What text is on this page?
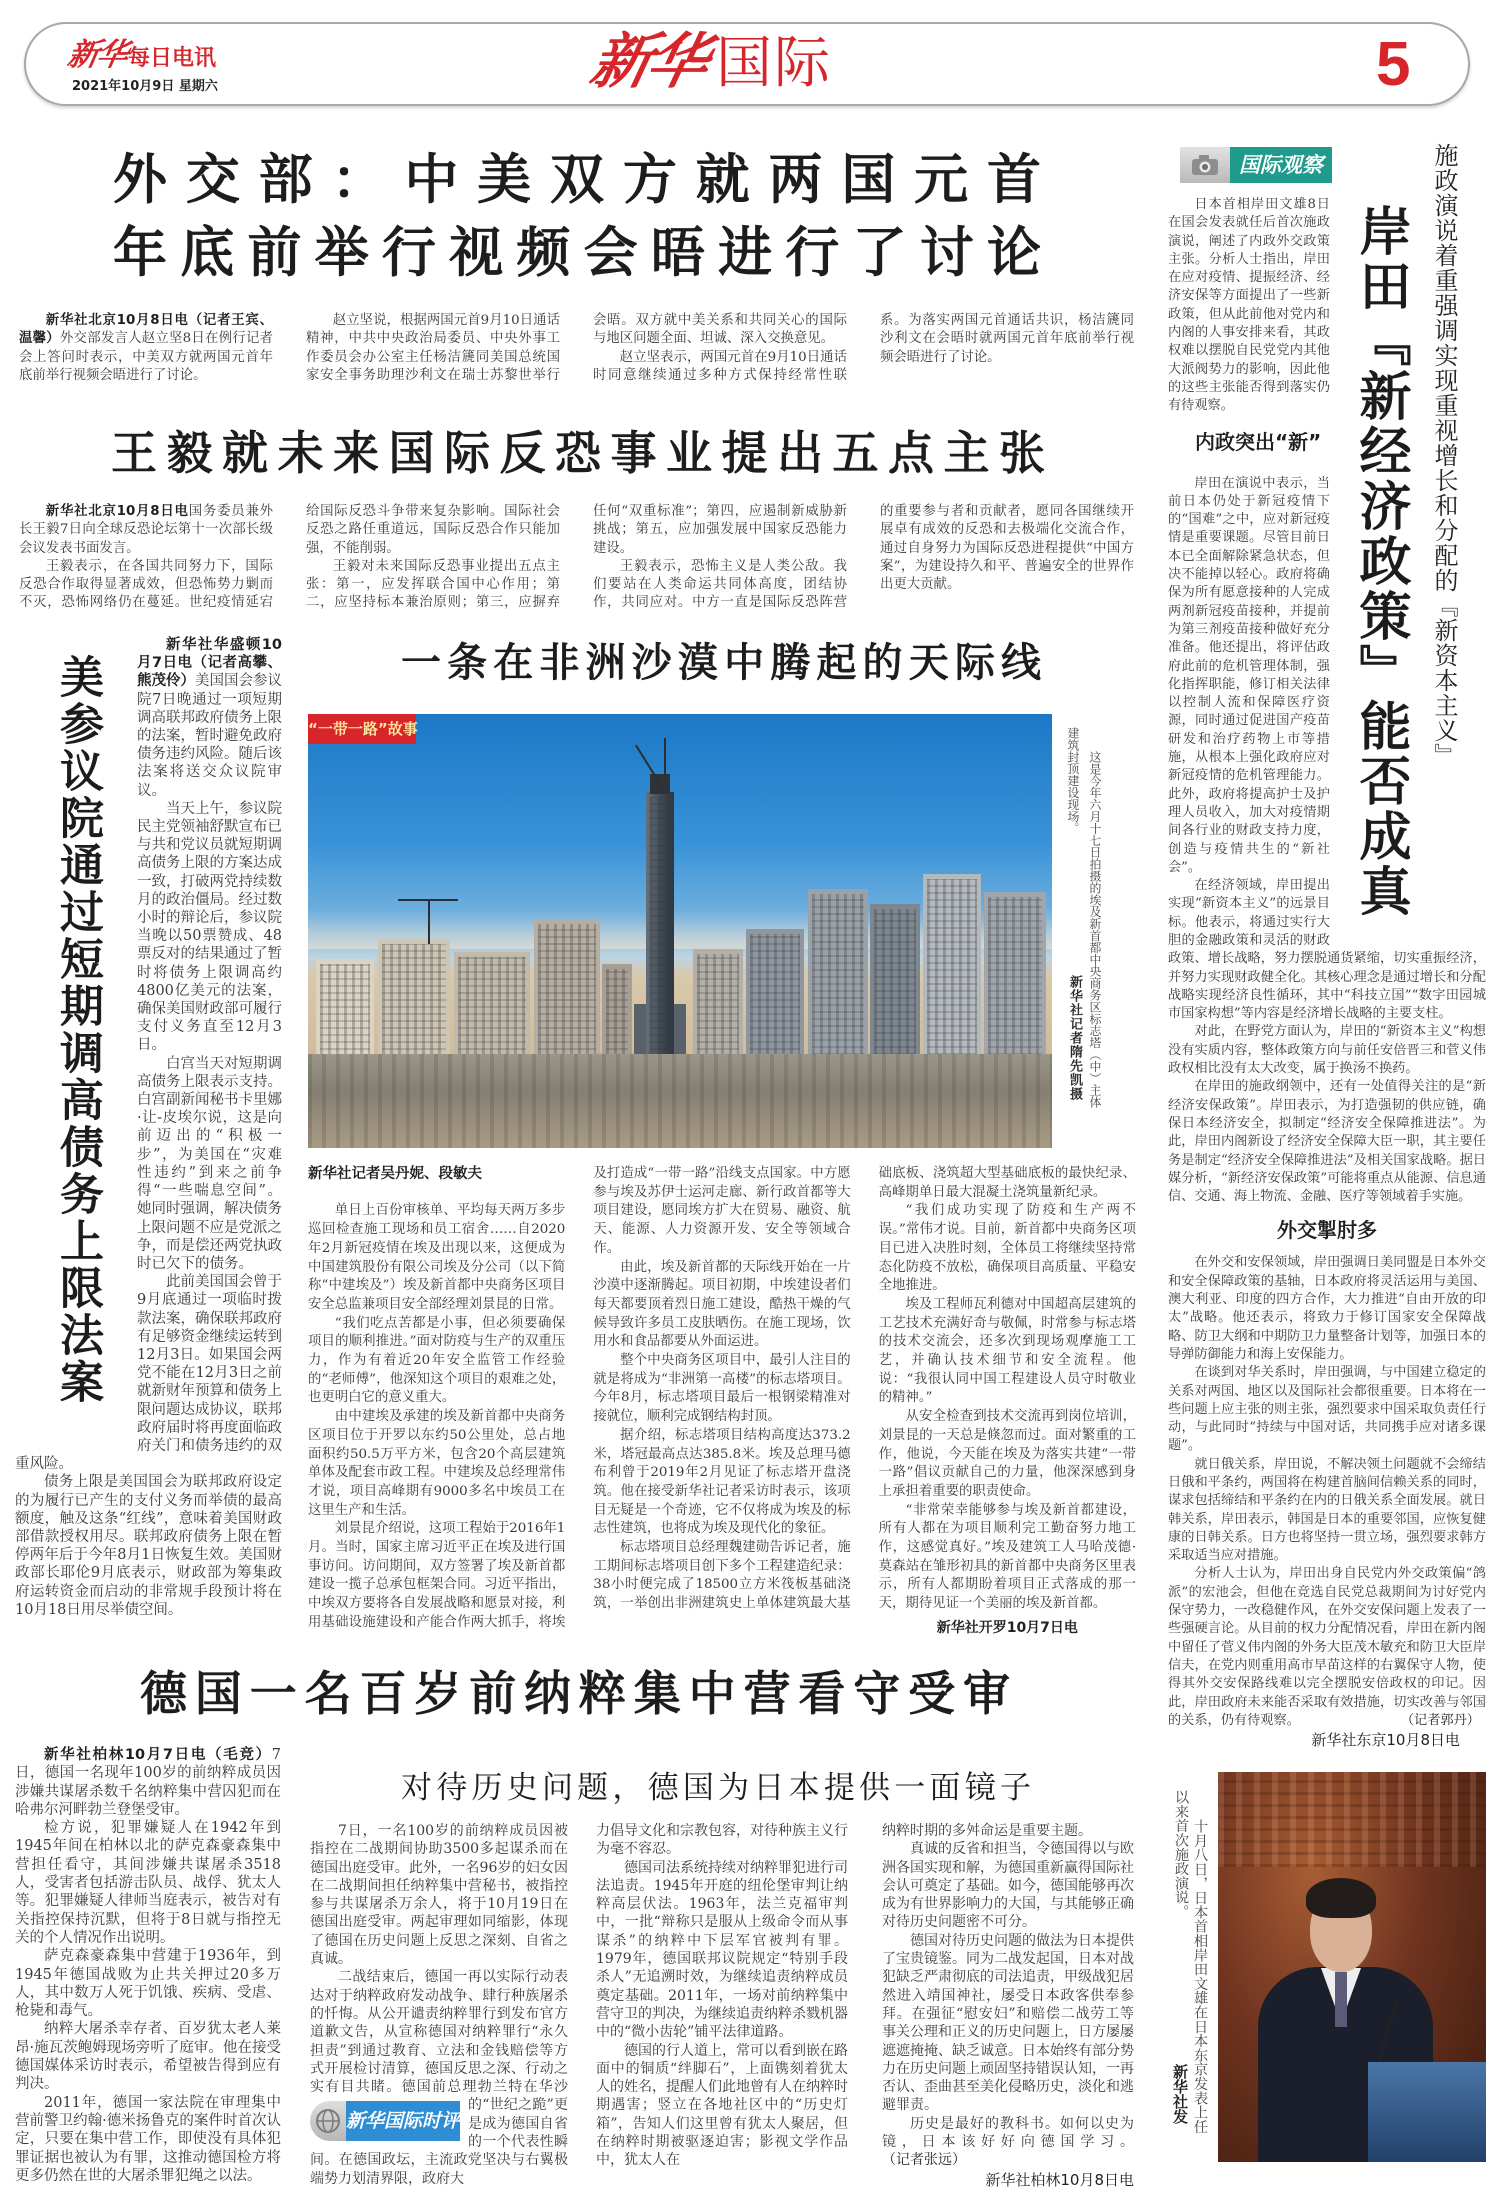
新华每日电讯
2021年10月9日 星期六	新华国际	5
外交部：中美双方就两国元首
年底前举行视频会晤进行了讨论

新华社北京10月8日电（记者王宾、温馨）外交部发言人赵立坚8日在例行记者会上答问时表示，中美双方就两国元首年底前举行视频会晤进行了讨论。

赵立坚说，根据两国元首9月10日通话精神，中共中央政治局委员、中央外事工作委员会办公室主任杨洁篪同美国总统国家安全事务助理沙利文在瑞士苏黎世举行会晤。双方就中美关系和共同关心的国际与地区问题全面、坦诚、深入交换意见。

赵立坚表示，两国元首在9月10日通话时同意继续通过多种方式保持经常性联系。为落实两国元首通话共识，杨洁篪同沙利文在会晤时就两国元首年底前举行视频会晤进行了讨论。

王毅就未来国际反恐事业提出五点主张

新华社北京10月8日电国务委员兼外长王毅7日向全球反恐论坛第十一次部长级会议发表书面发言。

王毅表示，在各国共同努力下，国际反恐合作取得显著成效，但恐怖势力剿而不灭，恐怖网络仍在蔓延。世纪疫情延宕给国际反恐斗争带来复杂影响。国际社会反恐之路任重道远，国际反恐合作只能加强，不能削弱。

王毅对未来国际反恐事业提出五点主张：第一，应发挥联合国中心作用；第二，应坚持标本兼治原则；第三，应摒弃任何“双重标准”；第四，应遏制新威胁新挑战；第五，应加强发展中国家反恐能力建设。

王毅表示，恐怖主义是人类公敌。我们要站在人类命运共同体高度，团结协作，共同应对。中方一直是国际反恐阵营的重要参与者和贡献者，愿同各国继续开展卓有成效的反恐和去极端化交流合作，通过自身努力为国际反恐进程提供“中国方案”，为建设持久和平、普遍安全的世界作出更大贡献。

美参议院通过短期调高债务上限法案

新华社华盛顿10月7日电（记者高攀、熊茂伶）美国国会参议院7日晚通过一项短期调高联邦政府债务上限的法案，暂时避免政府债务违约风险。随后该法案将送交众议院审议。

当天上午，参议院民主党领袖舒默宣布已与共和党议员就短期调高债务上限的方案达成一致，打破两党持续数月的政治僵局。经过数小时的辩论后，参议院当晚以50票赞成、48票反对的结果通过了暂时将债务上限调高约4800亿美元的法案，确保美国财政部可履行支付义务直至12月3日。

白宫当天对短期调高债务上限表示支持。白宫副新闻秘书卡里娜·让-皮埃尔说，这是向前迈出的“积极一步”，为美国在“灾难性违约”到来之前争得“一些喘息空间”。她同时强调，解决债务上限问题不应是党派之争，而是偿还两党执政时已欠下的债务。

此前美国国会曾于9月底通过一项临时拨款法案，确保联邦政府有足够资金继续运转到12月3日。如果国会两党不能在12月3日之前就新财年预算和债务上限问题达成协议，联邦政府届时将再度面临政府关门和债务违约的双重风险。

债务上限是美国国会为联邦政府设定的为履行已产生的支付义务而举债的最高额度，触及这条“红线”，意味着美国财政部借款授权用尽。联邦政府债务上限在暂停两年后于今年8月1日恢复生效。美国财政部长耶伦9月底表示，财政部为筹集政府运转资金而启动的非常规手段预计将在10月18日用尽举债空间。

一条在非洲沙漠中腾起的天际线
“一带一路”故事
这是今年六月十七日拍摄的埃及新首都中央商务区标志塔（中）主体建筑封顶建设现场。
新华社记者隋先凯摄

新华社记者吴丹妮、段敏夫

单日上百份审核单、平均每天两万多步巡回检查施工现场和员工宿舍……自2020年2月新冠疫情在埃及出现以来，这便成为中国建筑股份有限公司埃及分公司（以下简称“中建埃及”）埃及新首都中央商务区项目安全总监兼项目安全部经理刘景昆的日常。

“我们吃点苦都是小事，但必须要确保项目的顺利推进。”面对防疫与生产的双重压力，作为有着近20年安全监管工作经验的“老师傅”，他深知这个项目的艰难之处，也更明白它的意义重大。

由中建埃及承建的埃及新首都中央商务区项目位于开罗以东约50公里处，总占地面积约50.5万平方米，包含20个高层建筑单体及配套市政工程。中建埃及总经理常伟才说，项目高峰期有9000多名中埃员工在这里生产和生活。

刘景昆介绍说，这项工程始于2016年1月。当时，国家主席习近平正在埃及进行国事访问。访问期间，双方签署了埃及新首都建设一揽子总承包框架合同。习近平指出，中埃双方要将各自发展战略和愿景对接，利用基础设施建设和产能合作两大抓手，将埃及打造成“一带一路”沿线支点国家。中方愿参与埃及苏伊士运河走廊、新行政首都等大项目建设，愿同埃方扩大在贸易、融资、航天、能源、人力资源开发、安全等领域合作。

由此，埃及新首都的天际线开始在一片沙漠中逐渐腾起。项目初期，中埃建设者们每天都要顶着烈日施工建设，酷热干燥的气候导致许多员工皮肤晒伤。在施工现场，饮用水和食品都要从外面运进。

整个中央商务区项目中，最引人注目的就是将成为“非洲第一高楼”的标志塔项目。今年8月，标志塔项目最后一根钢梁精准对接就位，顺利完成钢结构封顶。

据介绍，标志塔项目结构高度达373.2米，塔冠最高点达385.8米。埃及总理马德布利曾于2019年2月见证了标志塔开盘浇筑。他在接受新华社记者采访时表示，该项目无疑是一个奇迹，它不仅将成为埃及的标志性建筑，也将成为埃及现代化的象征。

标志塔项目总经理魏建勋告诉记者，施工期间标志塔项目创下多个工程建造纪录：38小时便完成了18500立方米筏板基础浇筑，一举创出非洲建筑史上单体建筑最大基础底板、浇筑超大型基础底板的最快纪录、高峰期单日最大混凝土浇筑量新纪录。

“我们成功实现了防疫和生产两不误。”常伟才说。目前，新首都中央商务区项目已进入决胜时刻，全体员工将继续坚持常态化防疫不放松，确保项目高质量、平稳安全地推进。

埃及工程师瓦利德对中国超高层建筑的工艺技术充满好奇与敬佩，时常参与标志塔的技术交流会，还多次到现场观摩施工工艺，并确认技术细节和安全流程。他说：“我很认同中国工程建设人员守时敬业的精神。”

从安全检查到技术交流再到岗位培训，刘景昆的一天总是倏忽而过。面对繁重的工作，他说，今天能在埃及为落实共建“一带一路”倡议贡献自己的力量，他深深感到身上承担着重要的职责使命。

“非常荣幸能够参与埃及新首都建设，所有人都在为项目顺利完工勤奋努力地工作，这感觉真好。”埃及建筑工人马哈茂德·莫森站在雏形初具的新首都中央商务区里表示，所有人都期盼着项目正式落成的那一天，期待见证一个美丽的埃及新首都。

新华社开罗10月7日电

德国一名百岁前纳粹集中营看守受审

新华社柏林10月7日电（毛竞）7日，德国一名现年100岁的前纳粹成员因涉嫌共谋屠杀数千名纳粹集中营囚犯而在哈弗尔河畔勃兰登堡受审。

检方说，犯罪嫌疑人在1942年到1945年间在柏林以北的萨克森豪森集中营担任看守，其间涉嫌共谋屠杀3518人，受害者包括游击队员、战俘、犹太人等。犯罪嫌疑人律师当庭表示，被告对有关指控保持沉默，但将于8日就与指控无关的个人情况作出说明。

萨克森豪森集中营建于1936年，到1945年德国战败为止共关押过20多万人，其中数万人死于饥饿、疾病、受虐、枪毙和毒气。

纳粹大屠杀幸存者、百岁犹太老人莱昂·施瓦茨鲍姆现场旁听了庭审。他在接受德国媒体采访时表示，希望被告得到应有判决。

2011年，德国一家法院在审理集中营前警卫约翰·德米扬鲁克的案件时首次认定，只要在集中营工作，即使没有具体犯罪证据也被认为有罪，这推动德国检方将更多仍然在世的大屠杀罪犯绳之以法。

对待历史问题，德国为日本提供一面镜子
新华国际时评

7日，一名100岁的前纳粹成员因被指控在二战期间协助3500多起谋杀而在德国出庭受审。此外，一名96岁的妇女因在二战期间担任纳粹集中营秘书，被指控参与共谋屠杀万余人，将于10月19日在德国出庭受审。两起审理如同缩影，体现了德国在历史问题上反思之深刻、自省之真诚。

二战结束后，德国一再以实际行动表达对于纳粹政府发动战争、肆行种族屠杀的忏悔。从公开谴责纳粹罪行到发布官方道歉文告，从宣称德国对纳粹罪行“永久担责”到通过教育、立法和金钱赔偿等方式开展检讨清算，德国反思之深、行动之实有目共睹。德国前总理勃兰特在华沙的“世纪之跪”更是成为德国自省的一个代表性瞬间。在德国政坛，主流政党坚决与右翼极端势力划清界限，政府大

力倡导文化和宗教包容，对待种族主义行为毫不容忍。

德国司法系统持续对纳粹罪犯进行司法追责。1945年开庭的纽伦堡审判让纳粹高层伏法。1963年，法兰克福审判中，一批“辩称只是服从上级命令而从事谋杀”的纳粹中下层军官被判有罪。1979年，德国联邦议院规定“特别手段杀人”无追溯时效，为继续追责纳粹成员奠定基础。2011年，一场对前纳粹集中营守卫的判决，为继续追责纳粹杀戮机器中的“微小齿轮”铺平法律道路。

德国的行人道上，常可以看到嵌在路面中的铜质“绊脚石”，上面镌刻着犹太人的姓名，提醒人们此地曾有人在纳粹时期遇害；竖立在各地社区中的“历史灯箱”，告知人们这里曾有犹太人聚居，但在纳粹时期被驱逐迫害；影视文学作品中，犹太人在

纳粹时期的多舛命运是重要主题。

真诚的反省和担当，令德国得以与欧洲各国实现和解，为德国重新赢得国际社会认可奠定了基础。如今，德国能够再次成为有世界影响力的大国，与其能够正确对待历史问题密不可分。

德国对待历史问题的做法为日本提供了宝贵镜鉴。同为二战发起国，日本对战犯缺乏严肃彻底的司法追责，甲级战犯居然进入靖国神社，屡受日本政客供奉参拜。在强征“慰安妇”和赔偿二战劳工等事关公理和正义的历史问题上，日方屡屡遮遮掩掩、缺乏诚意。日本始终有部分势力在历史问题上顽固坚持错误认知，一再否认、歪曲甚至美化侵略历史，淡化和逃避罪责。

历史是最好的教科书。如何以史为镜，日本该好好向德国学习。（记者张远）

新华社柏林10月8日电

国际观察
岸田『新经济政策』能否成真 施政演说着重强调实现重视增长和分配的『新资本主义』

日本首相岸田文雄8日在国会发表就任后首次施政演说，阐述了内政外交政策主张。分析人士指出，岸田在应对疫情、提振经济、经济安保等方面提出了一些新政策，但从此前他对党内和内阁的人事安排来看，其政权难以摆脱自民党党内其他大派阀势力的影响，因此他的这些主张能否得到落实仍有待观察。

内政突出“新”

岸田在演说中表示，当前日本仍处于新冠疫情下的“国难”之中，应对新冠疫情是重要课题。尽管目前日本已全面解除紧急状态，但决不能掉以轻心。政府将确保为所有愿意接种的人完成两剂新冠疫苗接种，并提前为第三剂疫苗接种做好充分准备。他还提出，将评估政府此前的危机管理体制，强化指挥职能，修订相关法律以控制人流和保障医疗资源，同时通过促进国产疫苗研发和治疗药物上市等措施，从根本上强化政府应对新冠疫情的危机管理能力。此外，政府将提高护士及护理人员收入，加大对疫情期间各行业的财政支持力度，创造与疫情共生的“新社会”。

在经济领域，岸田提出实现“新资本主义”的远景目标。他表示，将通过实行大胆的金融政策和灵活的财政政策、增长战略，努力摆脱通货紧缩，切实重振经济，并努力实现财政健全化。其核心理念是通过增长和分配战略实现经济良性循环，其中“科技立国”“数字田园城市国家构想”等内容是经济增长战略的主要支柱。

对此，在野党方面认为，岸田的“新资本主义”构想没有实质内容，整体政策方向与前任安倍晋三和菅义伟政权相比没有太大改变，属于换汤不换药。

在岸田的施政纲领中，还有一处值得关注的是“新经济安保政策”。岸田表示，为打造强韧的供应链，确保日本经济安全，拟制定“经济安全保障推进法”。为此，岸田内阁新设了经济安全保障大臣一职，其主要任务是制定“经济安全保障推进法”及相关国家战略。据日媒分析，“新经济安保政策”可能将重点从能源、信息通信、交通、海上物流、金融、医疗等领域着手实施。

外交掣肘多

在外交和安保领域，岸田强调日美同盟是日本外交和安全保障政策的基轴，日本政府将灵活运用与美国、澳大利亚、印度的四方合作，大力推进“自由开放的印太”战略。他还表示，将致力于修订国家安全保障战略、防卫大纲和中期防卫力量整备计划等，加强日本的导弹防御能力和海上安保能力。

在谈到对华关系时，岸田强调，与中国建立稳定的关系对两国、地区以及国际社会都很重要。日本将在一些问题上应主张的则主张，强烈要求中国采取负责任行动，与此同时“持续与中国对话，共同携手应对诸多课题”。

就日俄关系，岸田说，不解决领土问题就不会缔结日俄和平条约，两国将在构建首脑间信赖关系的同时，谋求包括缔结和平条约在内的日俄关系全面发展。就日韩关系，岸田表示，韩国是日本的重要邻国，应恢复健康的日韩关系。日方也将坚持一贯立场，强烈要求韩方采取适当应对措施。

分析人士认为，岸田出身自民党内外交政策偏“鸽派”的宏池会，但他在竞选自民党总裁期间为讨好党内保守势力，一改稳健作风，在外交安保问题上发表了一些强硬言论。从目前的权力分配情况看，岸田在新内阁中留任了菅义伟内阁的外务大臣茂木敏充和防卫大臣岸信夫，在党内则重用高市早苗这样的右翼保守人物，使得其外交安保路线难以完全摆脱安倍政权的印记。因此，岸田政府未来能否采取有效措施，切实改善与邻国的关系，仍有待观察。	（记者郭丹）

新华社东京10月8日电

十月八日，日本首相岸田文雄在日本东京发表上任以来首次施政演说。
新华社发
